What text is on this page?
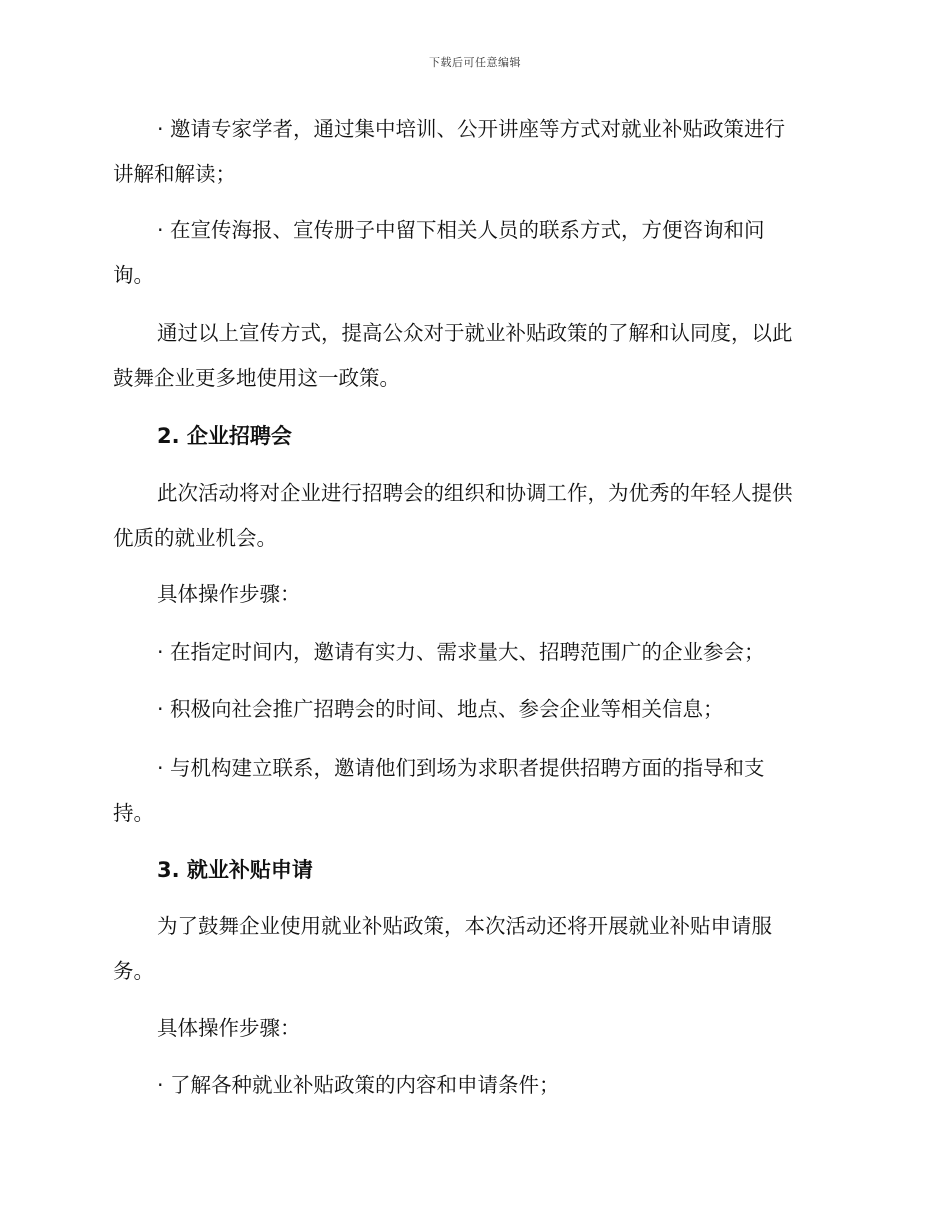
下载后可任意编辑

· 邀请专家学者，通过集中培训、公开讲座等方式对就业补贴政策进行
讲解和解读；

· 在宣传海报、宣传册子中留下相关人员的联系方式，方便咨询和问
询。

通过以上宣传方式，提高公众对于就业补贴政策的了解和认同度，以此
鼓舞企业更多地使用这一政策。

2. 企业招聘会

此次活动将对企业进行招聘会的组织和协调工作，为优秀的年轻人提供
优质的就业机会。

具体操作步骤：

· 在指定时间内，邀请有实力、需求量大、招聘范围广的企业参会；

· 积极向社会推广招聘会的时间、地点、参会企业等相关信息；

· 与机构建立联系，邀请他们到场为求职者提供招聘方面的指导和支
持。

3. 就业补贴申请

为了鼓舞企业使用就业补贴政策，本次活动还将开展就业补贴申请服
务。

具体操作步骤：

· 了解各种就业补贴政策的内容和申请条件；
